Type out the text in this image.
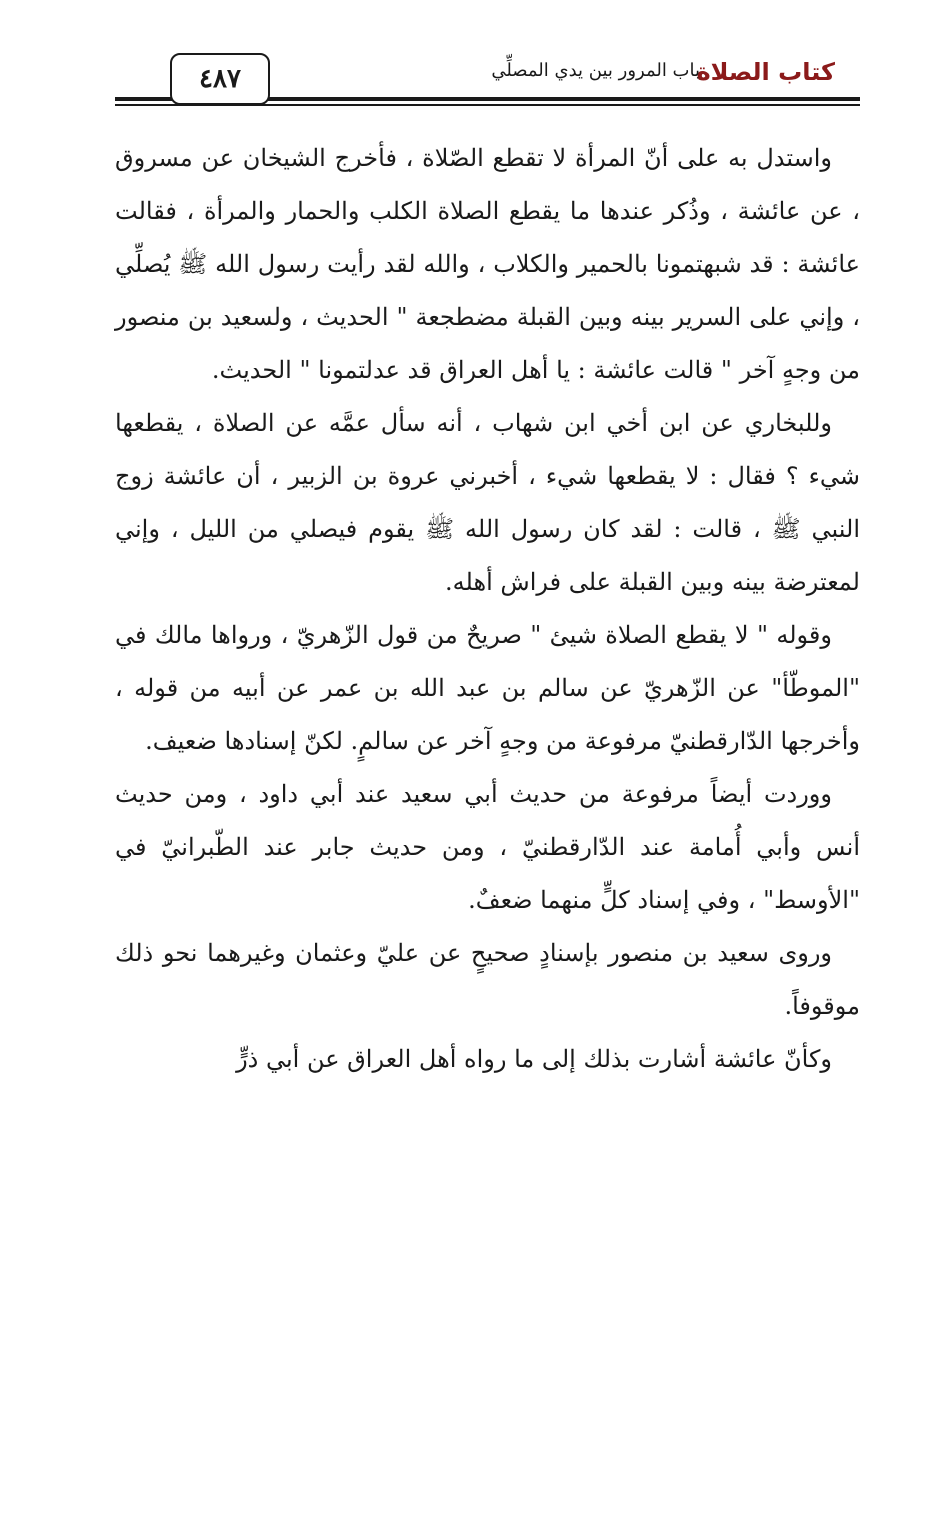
كتاب الصلاة
باب المرور بين يدي المصلِّي
٤٨٧

واستدل به على أنّ المرأة لا تقطع الصّلاة ، فأخرج الشيخان عن مسروق ، عن عائشة ، وذُكر عندها ما يقطع الصلاة الكلب والحمار والمرأة ، فقالت عائشة : قد شبهتمونا بالحمير والكلاب ، والله لقد رأيت رسول الله ﷺ يُصلِّي ، وإني على السرير بينه وبين القبلة مضطجعة " الحديث ، ولسعيد بن منصور من وجهٍ آخر " قالت عائشة : يا أهل العراق قد عدلتمونا " الحديث.

وللبخاري عن ابن أخي ابن شهاب ، أنه سأل عمَّه عن الصلاة ، يقطعها شيء ؟ فقال : لا يقطعها شيء ، أخبرني عروة بن الزبير ، أن عائشة زوج النبي ﷺ ، قالت : لقد كان رسول الله ﷺ يقوم فيصلي من الليل ، وإني لمعترضة بينه وبين القبلة على فراش أهله.

وقوله " لا يقطع الصلاة شيئ " صريحٌ من قول الزّهريّ ، ورواها مالك في "الموطّأ" عن الزّهريّ عن سالم بن عبد الله بن عمر عن أبيه من قوله ، وأخرجها الدّارقطنيّ مرفوعة من وجهٍ آخر عن سالمٍ. لكنّ إسنادها ضعيف.

ووردت أيضاً مرفوعة من حديث أبي سعيد عند أبي داود ، ومن حديث أنس وأبي أُمامة عند الدّارقطنيّ ، ومن حديث جابر عند الطّبرانيّ في "الأوسط" ، وفي إسناد كلٍّ منهما ضعفٌ.

وروى سعيد بن منصور بإسنادٍ صحيحٍ عن عليّ وعثمان وغيرهما نحو ذلك موقوفاً.

وكأنّ عائشة أشارت بذلك إلى ما رواه أهل العراق عن أبي ذرٍّ
